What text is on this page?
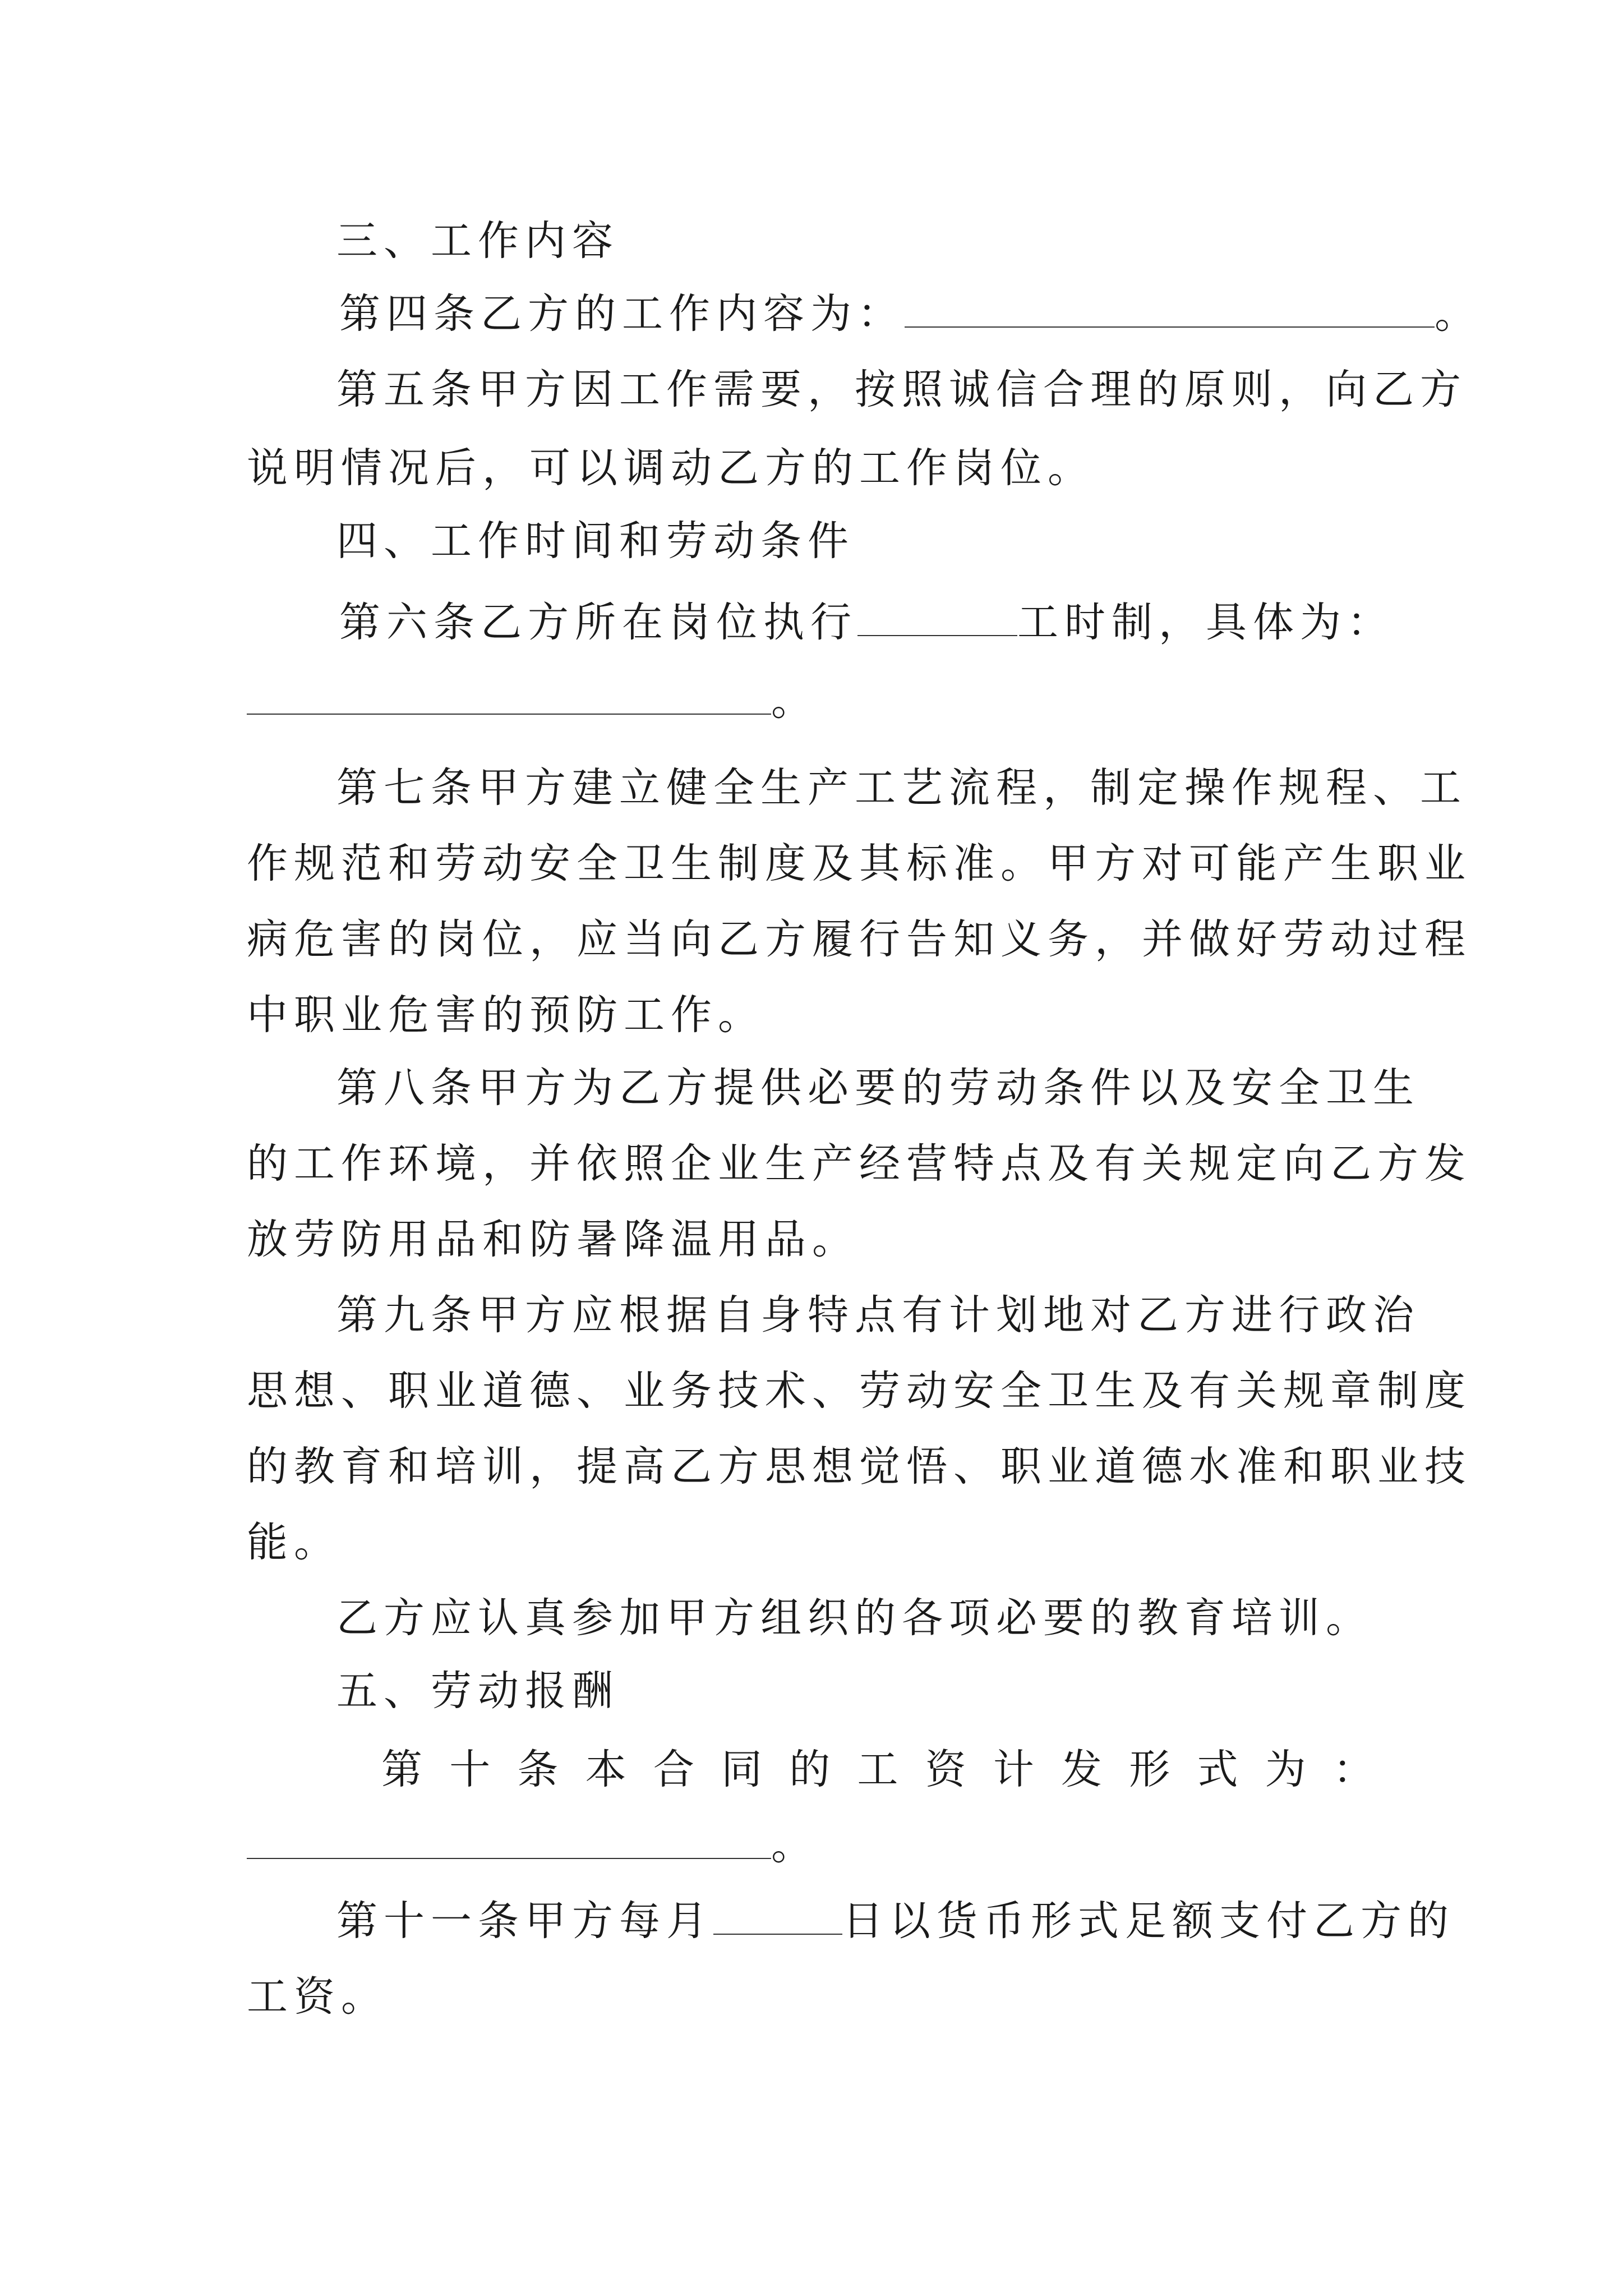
三、工作内容

第四条乙方的工作内容为：	。

第五条甲方因工作需要，按照诚信合理的原则，向乙方

说明情况后，可以调动乙方的工作岗位。

四、工作时间和劳动条件

第六条乙方所在岗位执行	工时制，具体为：

。

第七条甲方建立健全生产工艺流程，制定操作规程、工

作规范和劳动安全卫生制度及其标准。甲方对可能产生职业

病危害的岗位，应当向乙方履行告知义务，并做好劳动过程

中职业危害的预防工作。

第八条甲方为乙方提供必要的劳动条件以及安全卫生

的工作环境，并依照企业生产经营特点及有关规定向乙方发

放劳防用品和防暑降温用品。

第九条甲方应根据自身特点有计划地对乙方进行政治

思想、职业道德、业务技术、劳动安全卫生及有关规章制度

的教育和培训，提高乙方思想觉悟、职业道德水准和职业技

能。

乙方应认真参加甲方组织的各项必要的教育培训。

五、劳动报酬

第 十 条 本 合 同 的 工 资 计 发 形 式 为 ：

。

第十一条甲方每月	日以货币形式足额支付乙方的

工资。
